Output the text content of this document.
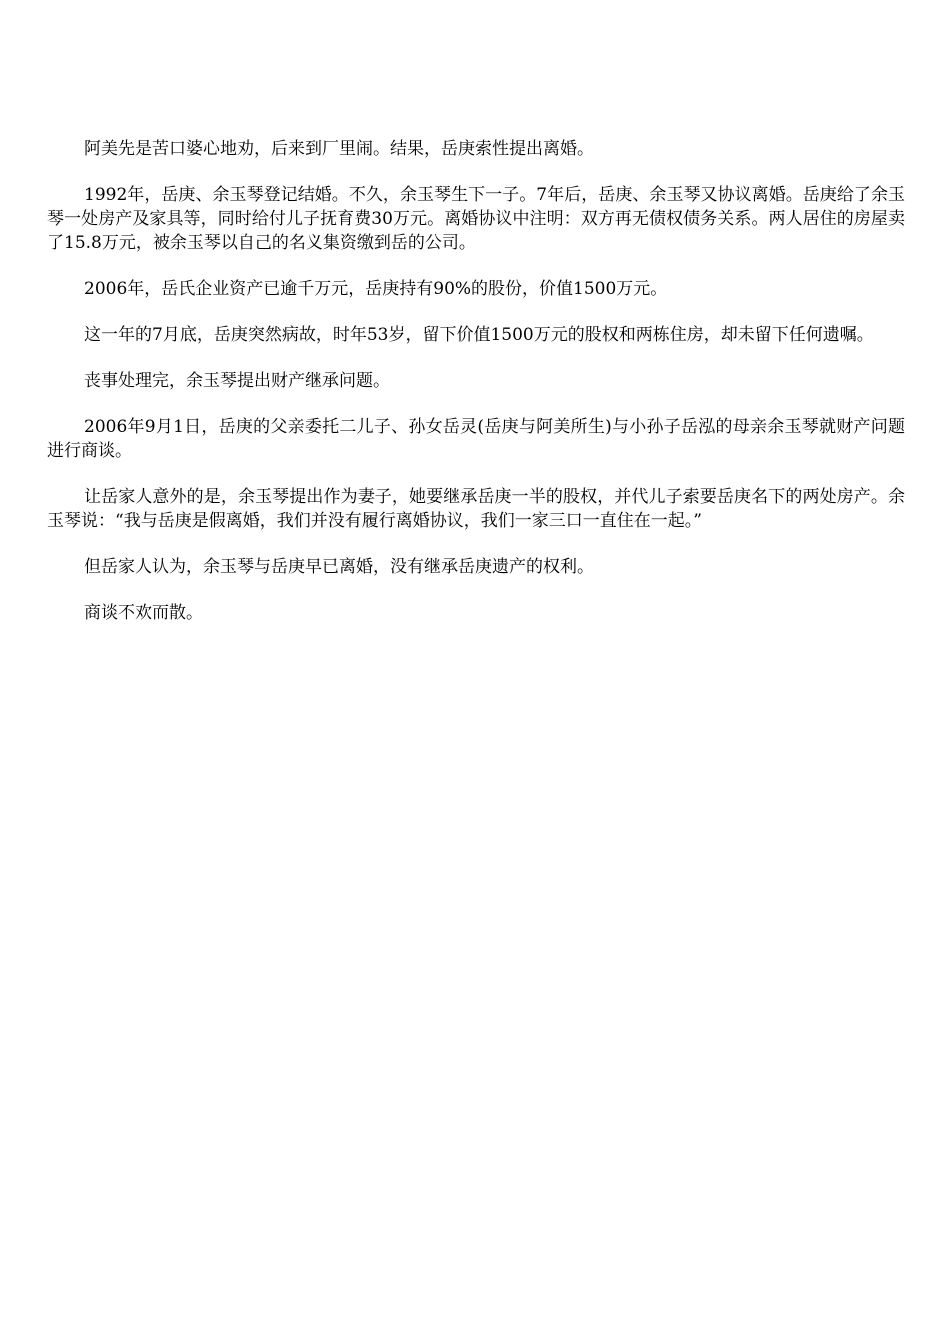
阿美先是苦口婆心地劝，后来到厂里闹。结果，岳庚索性提出离婚。

1992年，岳庚、余玉琴登记结婚。不久，余玉琴生下一子。7年后，岳庚、余玉琴又协议离婚。岳庚给了余玉琴一处房产及家具等，同时给付儿子抚育费30万元。离婚协议中注明：双方再无债权债务关系。两人居住的房屋卖了15.8万元，被余玉琴以自己的名义集资缴到岳的公司。

2006年，岳氏企业资产已逾千万元，岳庚持有90%的股份，价值1500万元。

这一年的7月底，岳庚突然病故，时年53岁，留下价值1500万元的股权和两栋住房，却未留下任何遗嘱。

丧事处理完，余玉琴提出财产继承问题。

2006年9月1日，岳庚的父亲委托二儿子、孙女岳灵(岳庚与阿美所生)与小孙子岳泓的母亲余玉琴就财产问题进行商谈。

让岳家人意外的是，余玉琴提出作为妻子，她要继承岳庚一半的股权，并代儿子索要岳庚名下的两处房产。余玉琴说：“我与岳庚是假离婚，我们并没有履行离婚协议，我们一家三口一直住在一起。”

但岳家人认为，余玉琴与岳庚早已离婚，没有继承岳庚遗产的权利。

商谈不欢而散。
